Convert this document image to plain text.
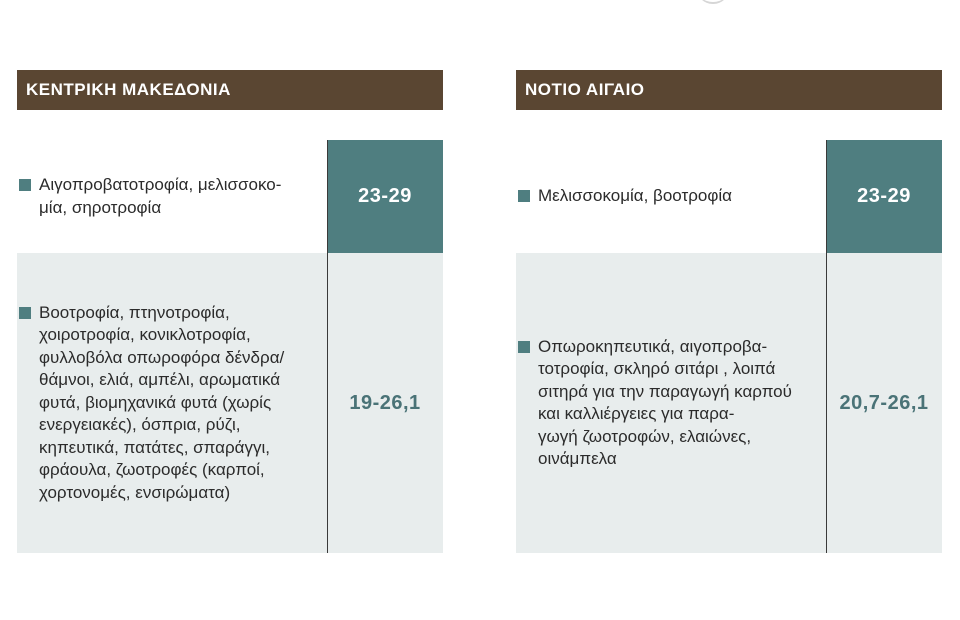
ΚΕΝΤΡΙΚΗ ΜΑΚΕΔΟΝΙΑ
Αιγοπροβατοτροφία, μελισσοκο-
μία, σηροτροφία	23-29
Βοοτροφία, πτηνοτροφία,
χοιροτροφία, κονικλοτροφία,
φυλλοβόλα οπωροφόρα δένδρα/
θάμνοι, ελιά, αμπέλι, αρωματικά
φυτά, βιομηχανικά φυτά (χωρίς
ενεργειακές), όσπρια, ρύζι,
κηπευτικά, πατάτες, σπαράγγι,
φράουλα, ζωοτροφές (καρποί,
χορτονομές, ενσιρώματα)
19-26,1
ΝΟΤΙΟ ΑΙΓΑΙΟ
Μελισσοκομία, βοοτροφία	23-29
Οπωροκηπευτικά, αιγοπροβα-
τοτροφία, σκληρό σιτάρι , λοιπά
σιτηρά για την παραγωγή καρπού
και καλλιέργειες για παρα-
γωγή ζωοτροφών, ελαιώνες,
οινάμπελα
20,7-26,1
